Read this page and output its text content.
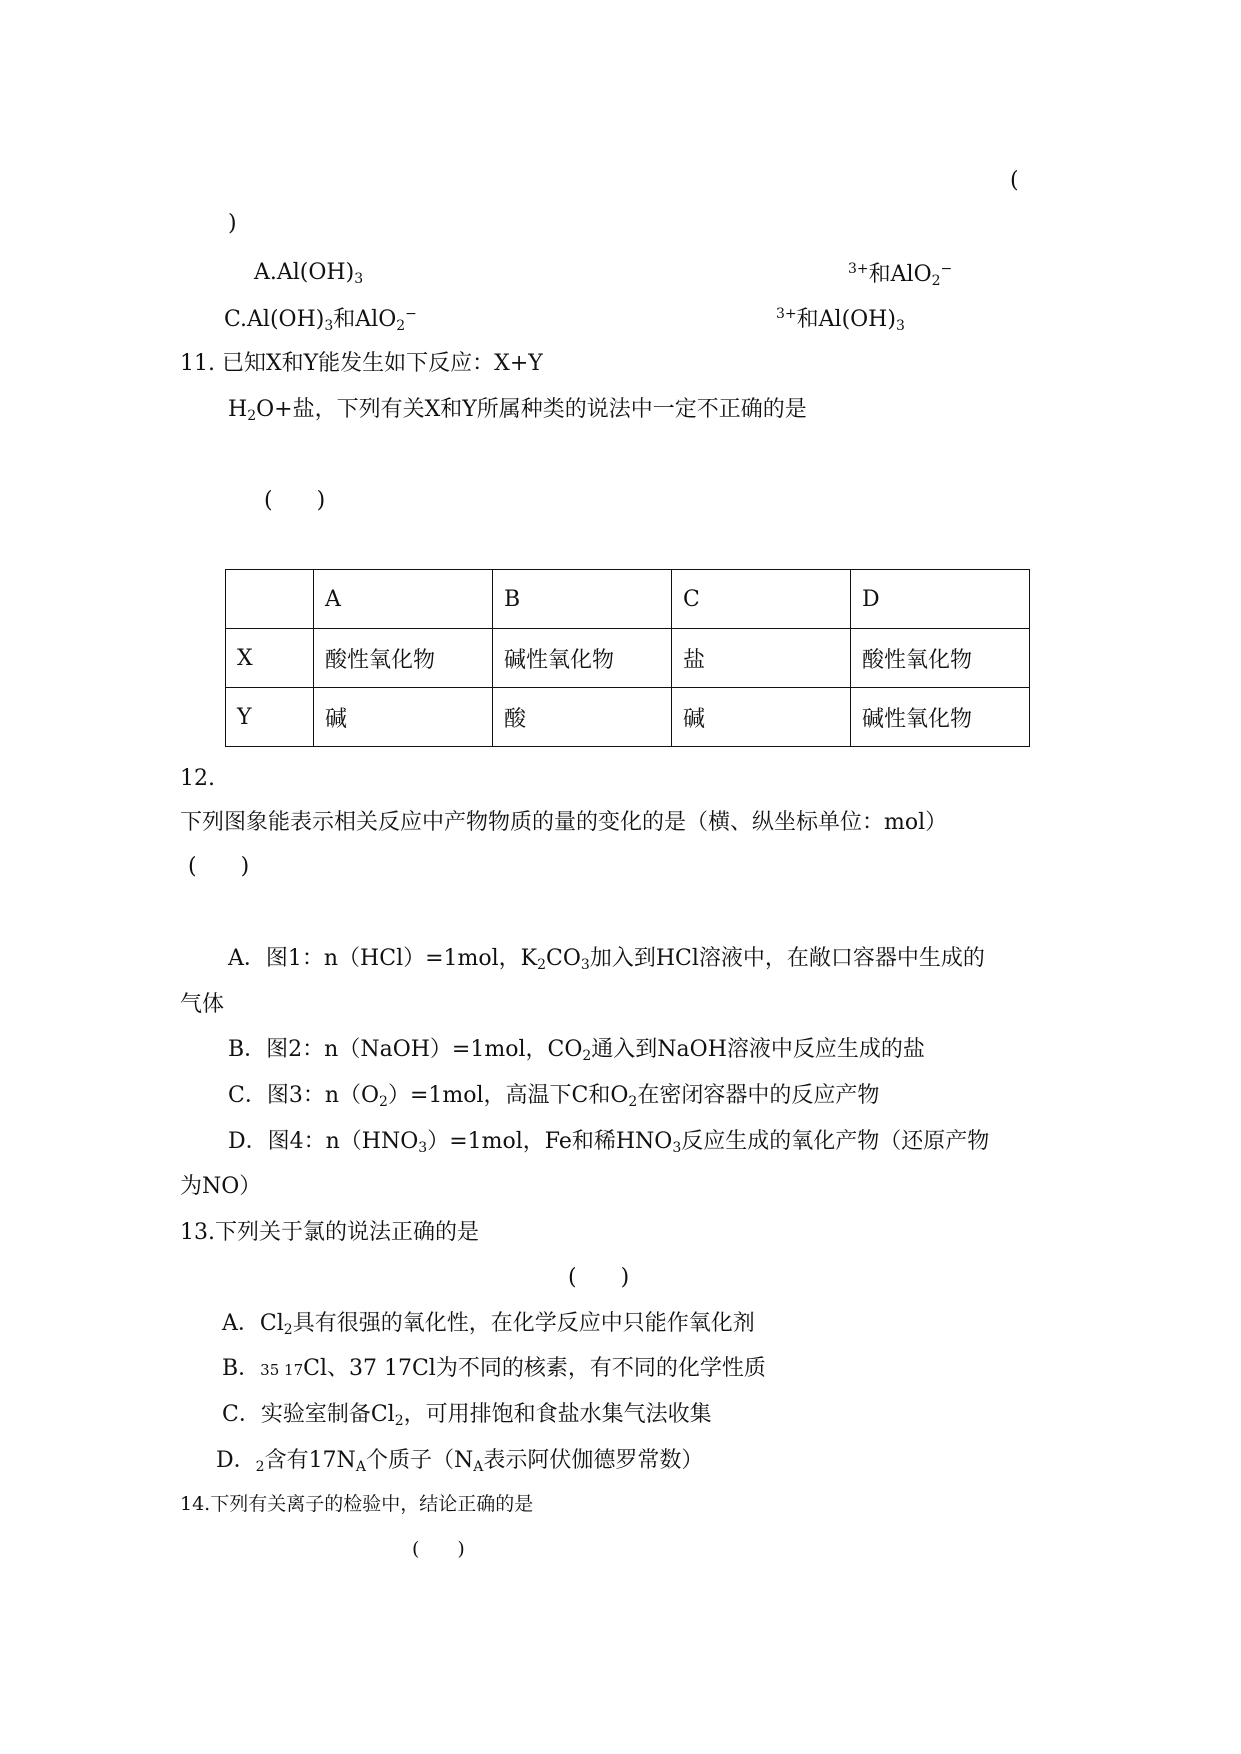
(
)
$A.Al(OH)_3$
$^{3+}$和AlO$_2$−
$C.Al(OH)_3$和AlO$_2$−	$^{3+}$和$Al(OH)_3$
11. 已知X和Y能发生如下反应：X+Y
$H_2O+$盐，下列有关X和Y所属种类的说法中一定不正确的是
(　　)
	A	B	C	D
X	酸性氧化物	碱性氧化物	盐	酸性氧化物
Y	碱	酸	碱	碱性氧化物
12.
下列图象能表示相关反应中产物物质的量的变化的是（横、纵坐标单位：mol）
(　　)
A．图1：n（HCl）=1mol，$K_2CO_3$加入到HCl溶液中，在敞口容器中生成的
气体
B．图2：n（NaOH）=1mol，$CO_2$通入到NaOH溶液中反应生成的盐
C．图3：$n(O_2)=1mol$，高温下C和$O_2$在密闭容器中的反应产物
D．图4：$n(HNO_3)=1mol$，Fe和稀$HNO_3$反应生成的氧化产物（还原产物
为NO）
13.下列关于氯的说法正确的是
(　　)
A．$Cl_2$具有很强的氧化性，在化学反应中只能作氧化剂
B．35 17Cl、37 17Cl为不同的核素，有不同的化学性质
C．实验室制备$Cl_2$，可用排饱和食盐水集气法收集
D．$_2$含有$17N_A$个质子（$N_A$表示阿伏伽德罗常数）
14.下列有关离子的检验中，结论正确的是
(　　)
